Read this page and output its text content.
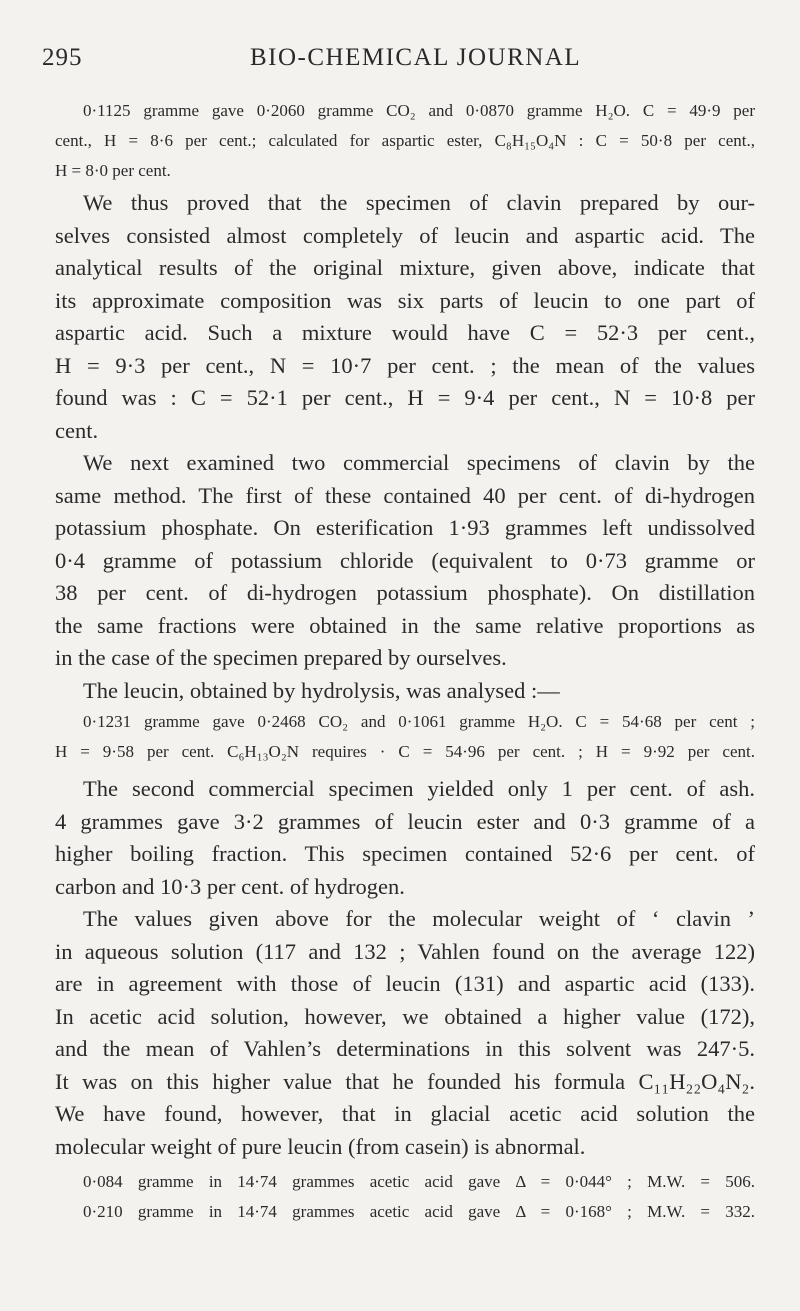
295	BIO-CHEMICAL JOURNAL
0·1125 gramme gave 0·2060 gramme CO₂ and 0·0870 gramme H₂O. C = 49·9 per
cent., H = 8·6 per cent.; calculated for aspartic ester, C₈H₁₅O₄N : C = 50·8 per cent.,
H = 8·0 per cent.
We thus proved that the specimen of clavin prepared by our-
selves consisted almost completely of leucin and aspartic acid. The
analytical results of the original mixture, given above, indicate that
its approximate composition was six parts of leucin to one part of
aspartic acid. Such a mixture would have C = 52·3 per cent.,
H = 9·3 per cent., N = 10·7 per cent. ; the mean of the values
found was : C = 52·1 per cent., H = 9·4 per cent., N = 10·8 per
cent.
We next examined two commercial specimens of clavin by the
same method. The first of these contained 40 per cent. of di-hydrogen
potassium phosphate. On esterification 1·93 grammes left undissolved
0·4 gramme of potassium chloride (equivalent to 0·73 gramme or
38 per cent. of di-hydrogen potassium phosphate). On distillation
the same fractions were obtained in the same relative proportions as
in the case of the specimen prepared by ourselves.
The leucin, obtained by hydrolysis, was analysed :—
0·1231 gramme gave 0·2468 CO₂ and 0·1061 gramme H₂O. C = 54·68 per cent ;
H = 9·58 per cent. C₆H₁₃O₂N requires · C = 54·96 per cent. ; H = 9·92 per cent.
The second commercial specimen yielded only 1 per cent. of ash.
4 grammes gave 3·2 grammes of leucin ester and 0·3 gramme of a
higher boiling fraction. This specimen contained 52·6 per cent. of
carbon and 10·3 per cent. of hydrogen.
The values given above for the molecular weight of ‘ clavin ’
in aqueous solution (117 and 132 ; Vahlen found on the average 122)
are in agreement with those of leucin (131) and aspartic acid (133).
In acetic acid solution, however, we obtained a higher value (172),
and the mean of Vahlen’s determinations in this solvent was 247·5.
It was on this higher value that he founded his formula C₁₁H₂₂O₄N₂.
We have found, however, that in glacial acetic acid solution the
molecular weight of pure leucin (from casein) is abnormal.
0·084 gramme in 14·74 grammes acetic acid gave Δ = 0·044° ; M.W. = 506.
0·210 gramme in 14·74 grammes acetic acid gave Δ = 0·168° ; M.W. = 332.
